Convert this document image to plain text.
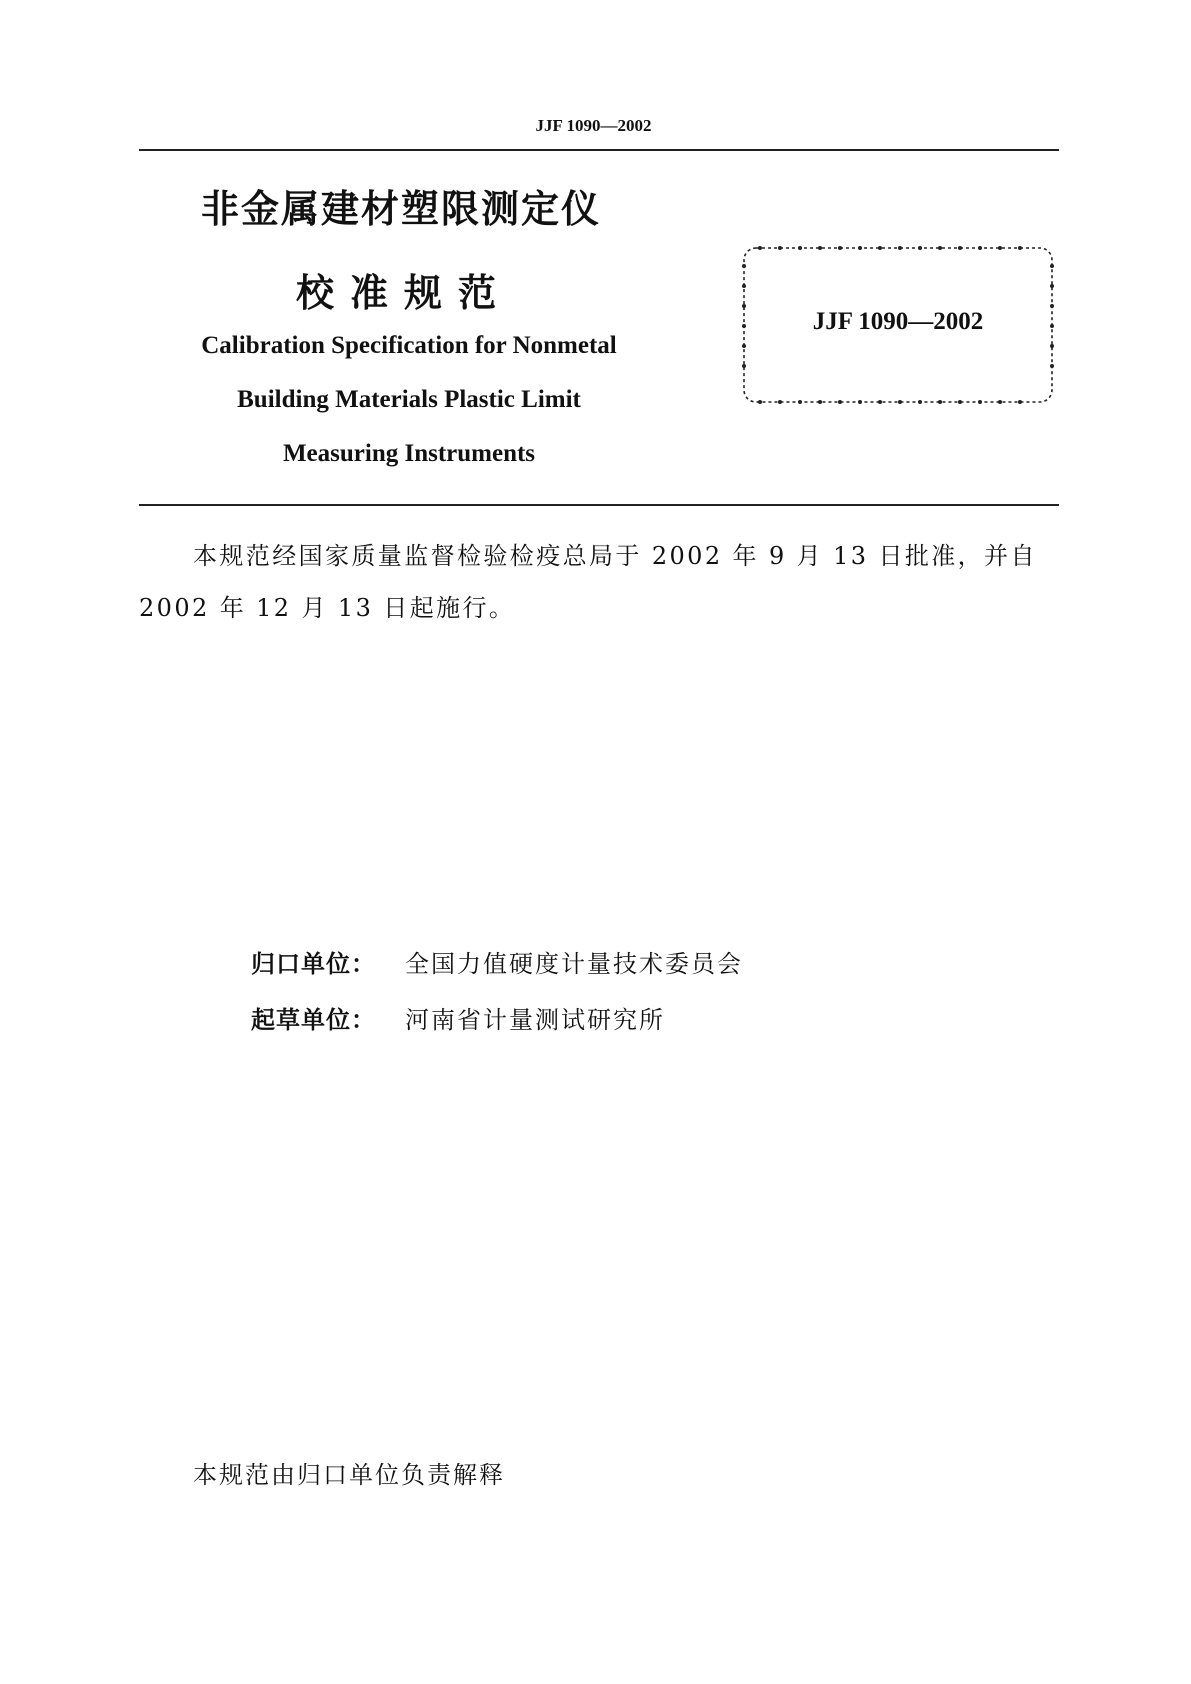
JJF 1090—2002
非金属建材塑限测定仪
校准规范
Calibration Specification for Nonmetal
Building Materials Plastic Limit
Measuring Instruments
JJF 1090—2002
本规范经国家质量监督检验检疫总局于 2002 年 9 月 13 日批准，并自 2002 年 12 月 13 日起施行。
归口单位： 全国力值硬度计量技术委员会
起草单位： 河南省计量测试研究所
本规范由归口单位负责解释
